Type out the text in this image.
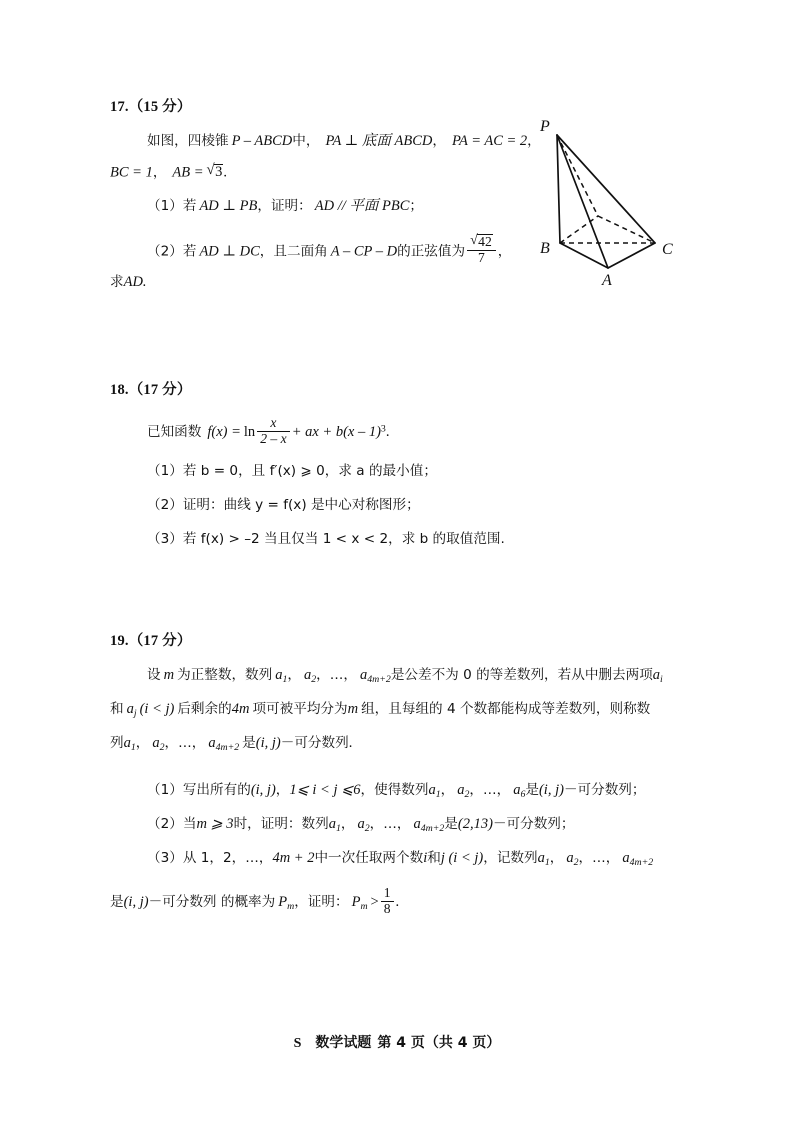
17.（15 分）
如图，四棱锥 P – ABCD中， PA ⊥ 底面 ABCD， PA = AC = 2，
BC = 1， AB = √ 3.
（1）若 AD ⊥ PB，证明： AD // 平面 PBC；
（2）若 AD ⊥ DC，且二面角 A – CP – D的正弦值为 √ $\frac{42}{7}$ ，
求AD.
P
B	C
A
18.（17 分）
已知函数 $f(x) = \ln \frac{x}{2 - x}$ + ax + b(x – 1)$^3$.
（1）若 b = 0，且 f′(x) ⩾ 0，求 a 的最小值；
（2）证明：曲线 y = f(x) 是中心对称图形；
（3）若 f(x) > –2 当且仅当 1 < x < 2，求 b 的取值范围.
19.（17 分）
设 m 为正整数，数列 $a_1$， $a_2$，…， $a_{4m+2}$是公差不为 0 的等差数列，若从中删去两项$a_i$
和 $a_j$ (i < j) 后剩余的4m 项可被平均分为m 组，且每组的 4 个数都能构成等差数列，则称数
列$a_1$， $a_2$，…， $a_{4m+2}$ 是(i, j)－可分数列.
（1）写出所有的(i, j)，1⩽ i < j ⩽6，使得数列$a_1$， $a_2$，…， $a_6$是(i, j)－可分数列；
（2）当m ⩾ 3时，证明：数列$a_1$， $a_2$，…， $a_{4m+2}$是(2,13)－可分数列；
（3）从 1，2，…，4m + 2中一次任取两个数i和j (i < j)，记数列$a_1$， $a_2$，…， $a_{4m+2}$
是(i, j)－可分数列 的概率为 $P_m$，证明： $P_m > \frac{1}{8}$ .
S 数学试题 第 4 页（共 4 页）
